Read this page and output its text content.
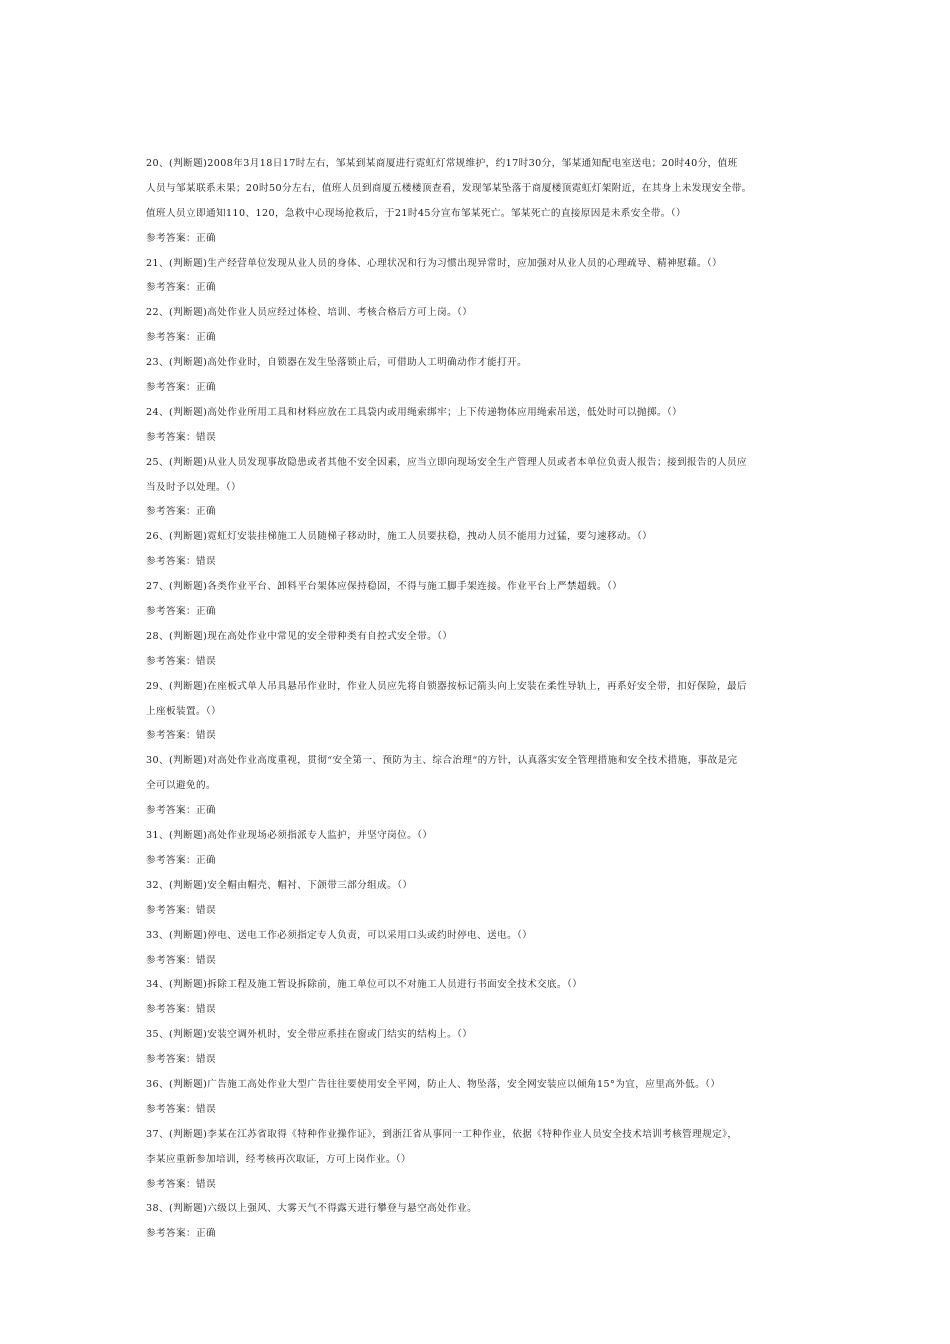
20、(判断题)2008年3月18日17时左右，邹某到某商厦进行霓虹灯常规维护，约17时30分，邹某通知配电室送电；20时40分，值班
人员与邹某联系未果；20时50分左右，值班人员到商厦五楼楼顶查看，发现邹某坠落于商厦楼顶霓虹灯架附近，在其身上未发现安全带。
值班人员立即通知110、120，急救中心现场抢救后，于21时45分宣布邹某死亡。邹某死亡的直接原因是未系安全带。（）
参考答案：正确
21、(判断题)生产经营单位发现从业人员的身体、心理状况和行为习惯出现异常时，应加强对从业人员的心理疏导、精神慰藉。（）
参考答案：正确
22、(判断题)高处作业人员应经过体检、培训、考核合格后方可上岗。（）
参考答案：正确
23、(判断题)高处作业时，自锁器在发生坠落锁止后，可借助人工明确动作才能打开。
参考答案：正确
24、(判断题)高处作业所用工具和材料应放在工具袋内或用绳索绑牢；上下传递物体应用绳索吊送，低处时可以抛掷。（）
参考答案：错误
25、(判断题)从业人员发现事故隐患或者其他不安全因素，应当立即向现场安全生产管理人员或者本单位负责人报告；接到报告的人员应
当及时予以处理。（）
参考答案：正确
26、(判断题)霓虹灯安装挂梯施工人员随梯子移动时，施工人员要扶稳，拽动人员不能用力过猛，要匀速移动。（）
参考答案：错误
27、(判断题)各类作业平台、卸料平台架体应保持稳固，不得与施工脚手架连接。作业平台上严禁超载。（）
参考答案：正确
28、(判断题)现在高处作业中常见的安全带种类有自控式安全带。（）
参考答案：错误
29、(判断题)在座板式单人吊具悬吊作业时，作业人员应先将自锁器按标记箭头向上安装在柔性导轨上，再系好安全带，扣好保险，最后
上座板装置。（）
参考答案：错误
30、(判断题)对高处作业高度重视，贯彻“安全第一、预防为主、综合治理“的方针，认真落实安全管理措施和安全技术措施，事故是完
全可以避免的。
参考答案：正确
31、(判断题)高处作业现场必须指派专人监护，并坚守岗位。（）
参考答案：正确
32、(判断题)安全帽由帽壳、帽衬、下颌带三部分组成。（）
参考答案：错误
33、(判断题)停电、送电工作必须指定专人负责，可以采用口头或约时停电、送电。（）
参考答案：错误
34、(判断题)拆除工程及施工暂设拆除前，施工单位可以不对施工人员进行书面安全技术交底。（）
参考答案：错误
35、(判断题)安装空调外机时，安全带应系挂在窗或门结实的结构上。（）
参考答案：错误
36、(判断题)广告施工高处作业大型广告往往要使用安全平网，防止人、物坠落，安全网安装应以倾角15°为宜，应里高外低。（）
参考答案：错误
37、(判断题)李某在江苏省取得《特种作业操作证》，到浙江省从事同一工种作业，依据《特种作业人员安全技术培训考核管理规定》，
李某应重新参加培训，经考核再次取证，方可上岗作业。（）
参考答案：错误
38、(判断题)六级以上强风、大雾天气不得露天进行攀登与悬空高处作业。
参考答案：正确
